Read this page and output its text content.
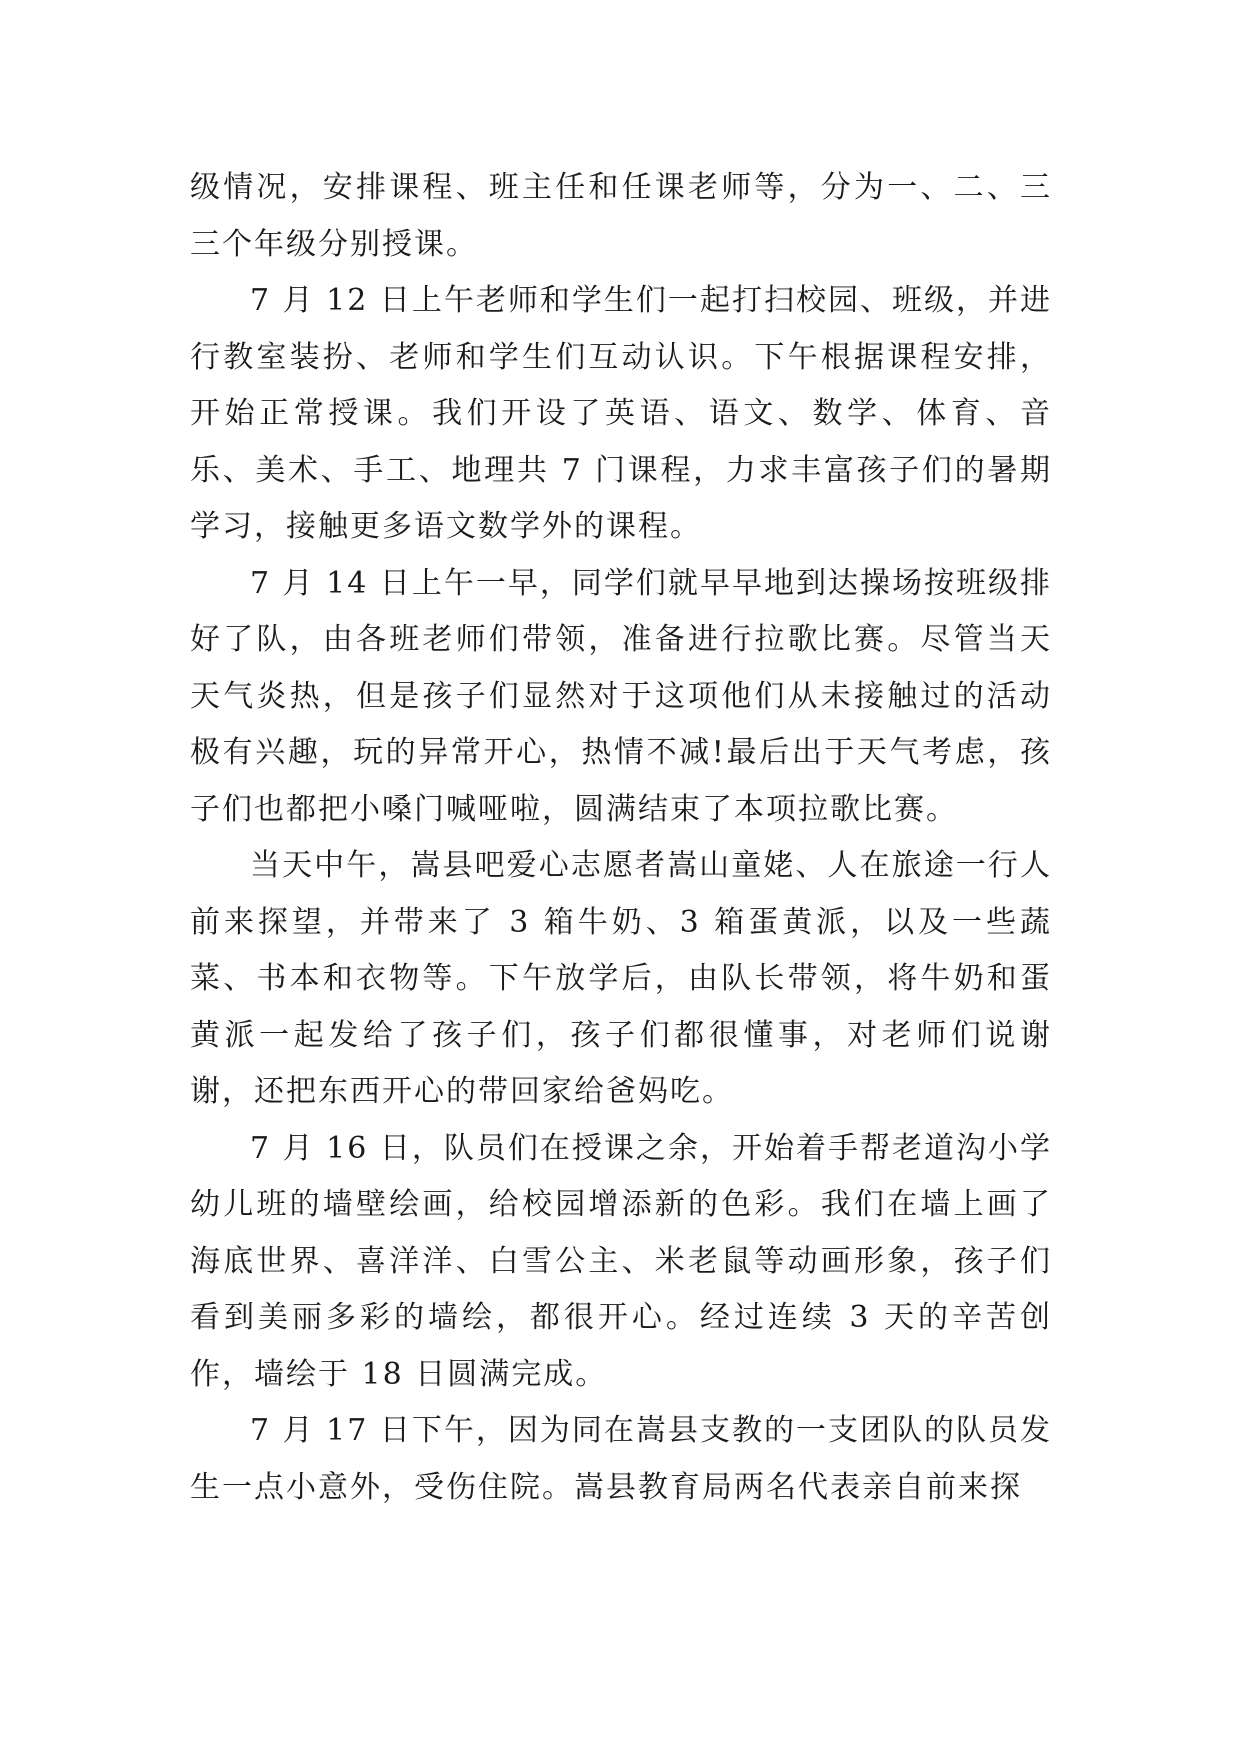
级情况，安排课程、班主任和任课老师等，分为一、二、三三个年级分别授课。

7 月 12 日上午老师和学生们一起打扫校园、班级，并进行教室装扮、老师和学生们互动认识。下午根据课程安排，开始正常授课。我们开设了英语、语文、数学、体育、音乐、美术、手工、地理共 7 门课程，力求丰富孩子们的暑期学习，接触更多语文数学外的课程。

7 月 14 日上午一早，同学们就早早地到达操场按班级排好了队，由各班老师们带领，准备进行拉歌比赛。尽管当天天气炎热，但是孩子们显然对于这项他们从未接触过的活动极有兴趣，玩的异常开心，热情不减!最后出于天气考虑，孩子们也都把小嗓门喊哑啦，圆满结束了本项拉歌比赛。

当天中午，嵩县吧爱心志愿者嵩山童姥、人在旅途一行人前来探望，并带来了 3 箱牛奶、3 箱蛋黄派，以及一些蔬菜、书本和衣物等。下午放学后，由队长带领，将牛奶和蛋黄派一起发给了孩子们，孩子们都很懂事，对老师们说谢谢，还把东西开心的带回家给爸妈吃。

7 月 16 日，队员们在授课之余，开始着手帮老道沟小学幼儿班的墙壁绘画，给校园增添新的色彩。我们在墙上画了海底世界、喜洋洋、白雪公主、米老鼠等动画形象，孩子们看到美丽多彩的墙绘，都很开心。经过连续 3 天的辛苦创作，墙绘于 18 日圆满完成。

7 月 17 日下午，因为同在嵩县支教的一支团队的队员发生一点小意外，受伤住院。嵩县教育局两名代表亲自前来探
